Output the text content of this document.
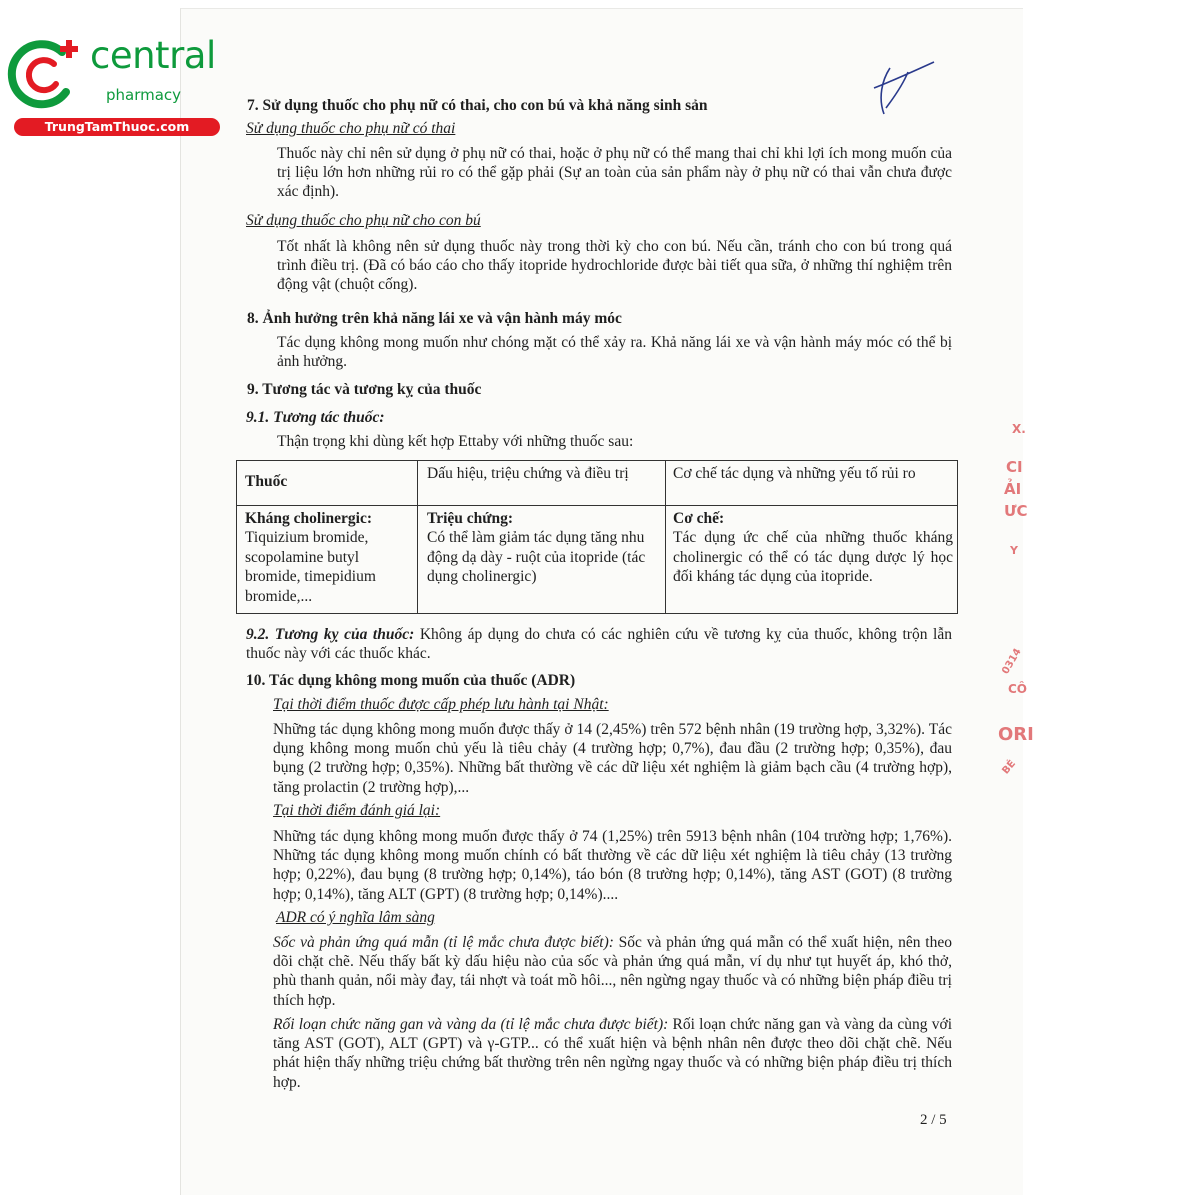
central
pharmacy
TrungTamThuoc.com
X.
CI
ẢI
ƯC
Y
0314
CÔ
ORI
BÉ
7. Sử dụng thuốc cho phụ nữ có thai, cho con bú và khả năng sinh sản
Sử dụng thuốc cho phụ nữ có thai
Thuốc này chỉ nên sử dụng ở phụ nữ có thai, hoặc ở phụ nữ có thể mang thai chỉ khi lợi ích mong muốn của trị liệu lớn hơn những rủi ro có thể gặp phải (Sự an toàn của sản phẩm này ở phụ nữ có thai vẫn chưa được xác định).
Sử dụng thuốc cho phụ nữ cho con bú
Tốt nhất là không nên sử dụng thuốc này trong thời kỳ cho con bú. Nếu cần, tránh cho con bú trong quá trình điều trị. (Đã có báo cáo cho thấy itopride hydrochloride được bài tiết qua sữa, ở những thí nghiệm trên động vật (chuột cống).
8. Ảnh hưởng trên khả năng lái xe và vận hành máy móc
Tác dụng không mong muốn như chóng mặt có thể xảy ra. Khả năng lái xe và vận hành máy móc có thể bị ảnh hưởng.
9. Tương tác và tương kỵ của thuốc
9.1. Tương tác thuốc:
Thận trọng khi dùng kết hợp Ettaby với những thuốc sau:
Thuốc	Dấu hiệu, triệu chứng và điều trị	Cơ chế tác dụng và những yếu tố rủi ro
Kháng cholinergic:
Tiquizium bromide, scopolamine butyl bromide, timepidium bromide,...
Triệu chứng:
Có thể làm giảm tác dụng tăng nhu động dạ dày - ruột của itopride (tác dụng cholinergic)
Cơ chế:
Tác dụng ức chế của những thuốc kháng cholinergic có thể có tác dụng dược lý học đối kháng tác dụng của itopride.
9.2. Tương kỵ của thuốc: Không áp dụng do chưa có các nghiên cứu về tương kỵ của thuốc, không trộn lẫn thuốc này với các thuốc khác.
10. Tác dụng không mong muốn của thuốc (ADR)
Tại thời điểm thuốc được cấp phép lưu hành tại Nhật:
Những tác dụng không mong muốn được thấy ở 14 (2,45%) trên 572 bệnh nhân (19 trường hợp, 3,32%). Tác dụng không mong muốn chủ yếu là tiêu chảy (4 trường hợp; 0,7%), đau đầu (2 trường hợp; 0,35%), đau bụng (2 trường hợp; 0,35%). Những bất thường về các dữ liệu xét nghiệm là giảm bạch cầu (4 trường hợp), tăng prolactin (2 trường hợp),...
Tại thời điểm đánh giá lại:
Những tác dụng không mong muốn được thấy ở 74 (1,25%) trên 5913 bệnh nhân (104 trường hợp; 1,76%). Những tác dụng không mong muốn chính có bất thường về các dữ liệu xét nghiệm là tiêu chảy (13 trường hợp; 0,22%), đau bụng (8 trường hợp; 0,14%), táo bón (8 trường hợp; 0,14%), tăng AST (GOT) (8 trường hợp; 0,14%), tăng ALT (GPT) (8 trường hợp; 0,14%)....
ADR có ý nghĩa lâm sàng
Sốc và phản ứng quá mẫn (tỉ lệ mắc chưa được biết): Sốc và phản ứng quá mẫn có thể xuất hiện, nên theo dõi chặt chẽ. Nếu thấy bất kỳ dấu hiệu nào của sốc và phản ứng quá mẫn, ví dụ như tụt huyết áp, khó thở, phù thanh quản, nổi mày đay, tái nhợt và toát mồ hôi..., nên ngừng ngay thuốc và có những biện pháp điều trị thích hợp.
Rối loạn chức năng gan và vàng da (tỉ lệ mắc chưa được biết): Rối loạn chức năng gan và vàng da cùng với tăng AST (GOT), ALT (GPT) và γ-GTP... có thể xuất hiện và bệnh nhân nên được theo dõi chặt chẽ. Nếu phát hiện thấy những triệu chứng bất thường trên nên ngừng ngay thuốc và có những biện pháp điều trị thích hợp.
2 / 5
